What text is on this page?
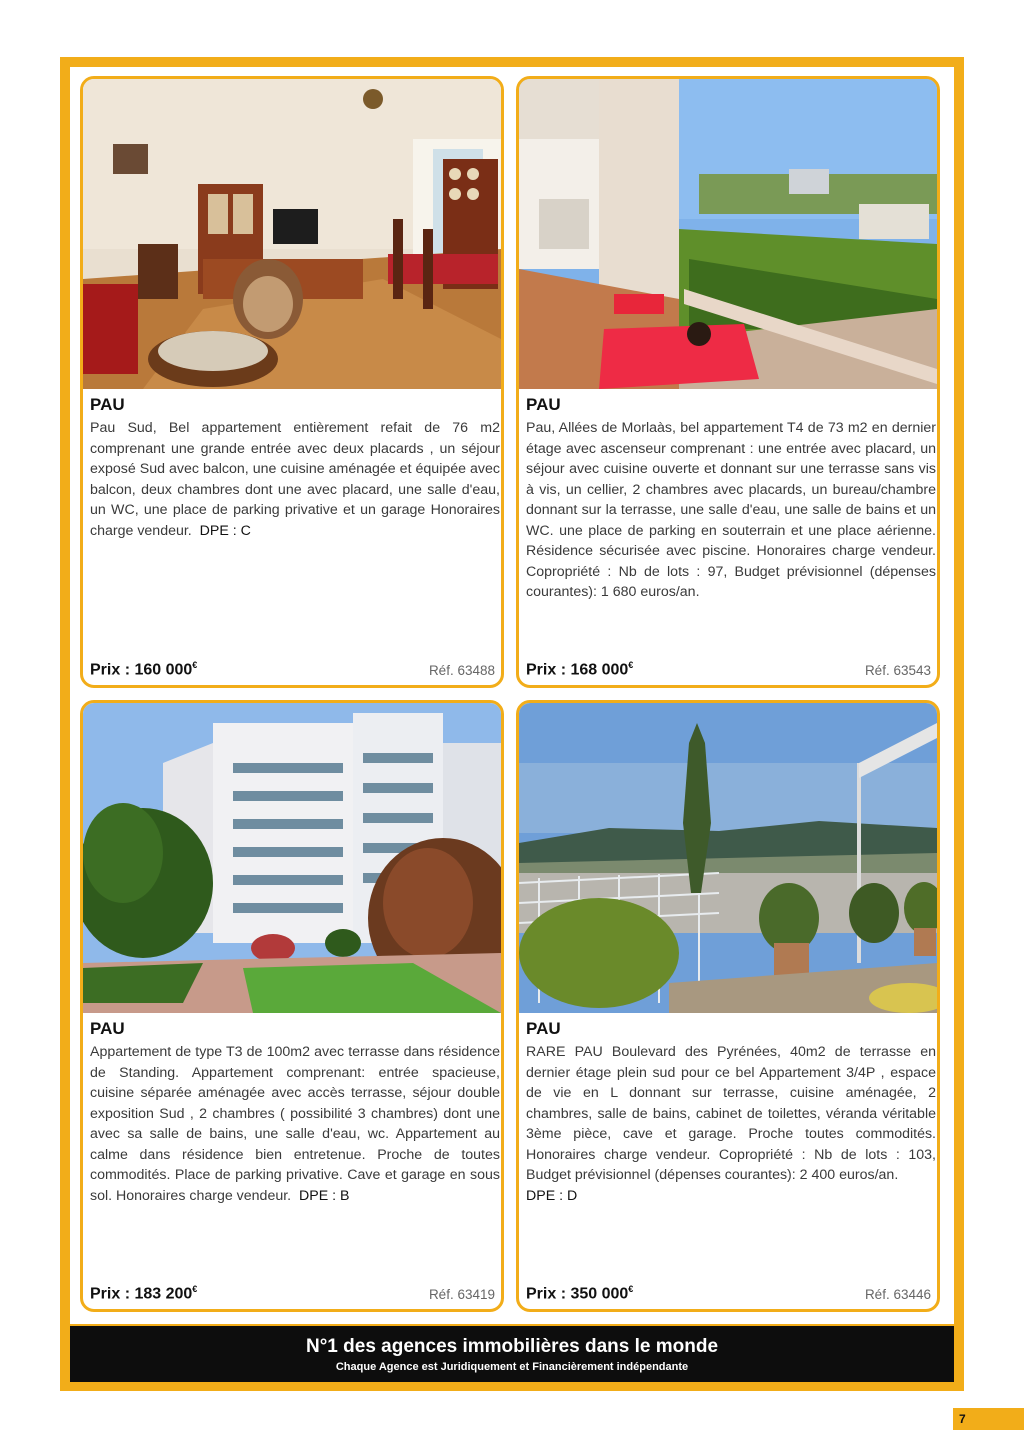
PAU

Pau Sud, Bel appartement entièrement refait de 76 m2 comprenant une grande entrée avec deux placards , un séjour exposé Sud avec balcon, une cuisine aménagée et équipée avec balcon, deux chambres dont une avec placard, une salle d'eau, un WC, une place de parking privative et un garage Honoraires charge vendeur. DPE : C

Prix : 160 000€	Réf. 63488
PAU

Pau, Allées de Morlaàs, bel appartement T4 de 73 m2 en dernier étage avec ascenseur comprenant : une entrée avec placard, un séjour avec cuisine ouverte et donnant sur une terrasse sans vis à vis, un cellier, 2 chambres avec placards, un bureau/chambre donnant sur la terrasse, une salle d'eau, une salle de bains et un WC. une place de parking en souterrain et une place aérienne. Résidence sécurisée avec piscine. Honoraires charge vendeur. Copropriété : Nb de lots : 97, Budget prévisionnel (dépenses courantes): 1 680 euros/an.

Prix : 168 000€	Réf. 63543
PAU

Appartement de type T3 de 100m2 avec terrasse dans résidence de Standing. Appartement comprenant: entrée spacieuse, cuisine séparée aménagée avec accès terrasse, séjour double exposition Sud , 2 chambres ( possibilité 3 chambres) dont une avec sa salle de bains, une salle d'eau, wc. Appartement au calme dans résidence bien entretenue. Proche de toutes commodités. Place de parking privative. Cave et garage en sous sol. Honoraires charge vendeur. DPE : B

Prix : 183 200€	Réf. 63419
PAU

RARE PAU Boulevard des Pyrénées, 40m2 de terrasse en dernier étage plein sud pour ce bel Appartement 3/4P , espace de vie en L donnant sur terrasse, cuisine aménagée, 2 chambres, salle de bains, cabinet de toilettes, véranda véritable 3ème pièce, cave et garage. Proche toutes commodités. Honoraires charge vendeur. Copropriété : Nb de lots : 103, Budget prévisionnel (dépenses courantes): 2 400 euros/an.
DPE : D

Prix : 350 000€	Réf. 63446
N°1 des agences immobilières dans le monde
Chaque Agence est Juridiquement et Financièrement indépendante
7
